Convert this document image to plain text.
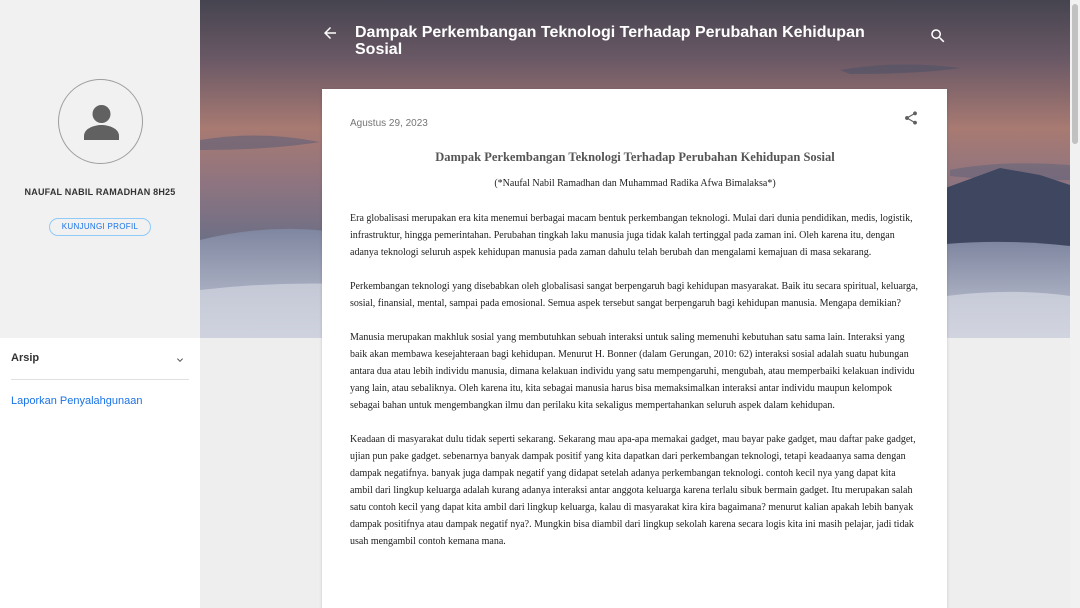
NAUFAL NABIL RAMADHAN 8H25
KUNJUNGI PROFIL
Arsip
Laporkan Penyalahgunaan
Dampak Perkembangan Teknologi Terhadap Perubahan Kehidupan Sosial
Agustus 29, 2023
Dampak Perkembangan Teknologi Terhadap Perubahan Kehidupan Sosial
(*Naufal Nabil Ramadhan dan Muhammad Radika Afwa Bimalaksa*)

Era globalisasi merupakan era kita menemui berbagai macam bentuk perkembangan teknologi. Mulai dari dunia pendidikan, medis, logistik, infrastruktur, hingga pemerintahan. Perubahan tingkah laku manusia juga tidak kalah tertinggal pada zaman ini. Oleh karena itu, dengan adanya teknologi seluruh aspek kehidupan manusia pada zaman dahulu telah berubah dan mengalami kemajuan di masa sekarang.

Perkembangan teknologi yang disebabkan oleh globalisasi sangat berpengaruh bagi kehidupan masyarakat. Baik itu secara spiritual, keluarga, sosial, finansial, mental, sampai pada emosional. Semua aspek tersebut sangat berpengaruh bagi kehidupan manusia. Mengapa demikian?

Manusia merupakan makhluk sosial yang membutuhkan sebuah interaksi untuk saling memenuhi kebutuhan satu sama lain. Interaksi yang baik akan membawa kesejahteraan bagi kehidupan. Menurut H. Bonner (dalam Gerungan, 2010: 62) interaksi sosial adalah suatu hubungan antara dua atau lebih individu manusia, dimana kelakuan individu yang satu mempengaruhi, mengubah, atau memperbaiki kelakuan individu yang lain, atau sebaliknya. Oleh karena itu, kita sebagai manusia harus bisa memaksimalkan interaksi antar individu maupun kelompok sebagai bahan untuk mengembangkan ilmu dan perilaku kita sekaligus mempertahankan seluruh aspek dalam kehidupan.

Keadaan di masyarakat dulu tidak seperti sekarang. Sekarang mau apa-apa memakai gadget, mau bayar pake gadget, mau daftar pake gadget, ujian pun pake gadget. sebenarnya banyak dampak positif yang kita dapatkan dari perkembangan teknologi, tetapi keadaanya sama dengan dampak negatifnya. banyak juga dampak negatif yang didapat setelah adanya perkembangan teknologi. contoh kecil nya yang dapat kita ambil dari lingkup keluarga adalah kurang adanya interaksi antar anggota keluarga karena terlalu sibuk bermain gadget. Itu merupakan salah satu contoh kecil yang dapat kita ambil dari lingkup keluarga, kalau di masyarakat kira kira bagaimana? menurut kalian apakah lebih banyak dampak positifnya atau dampak negatif nya?. Mungkin bisa diambil dari lingkup sekolah karena secara logis kita ini masih pelajar, jadi tidak usah mengambil contoh kemana mana.
